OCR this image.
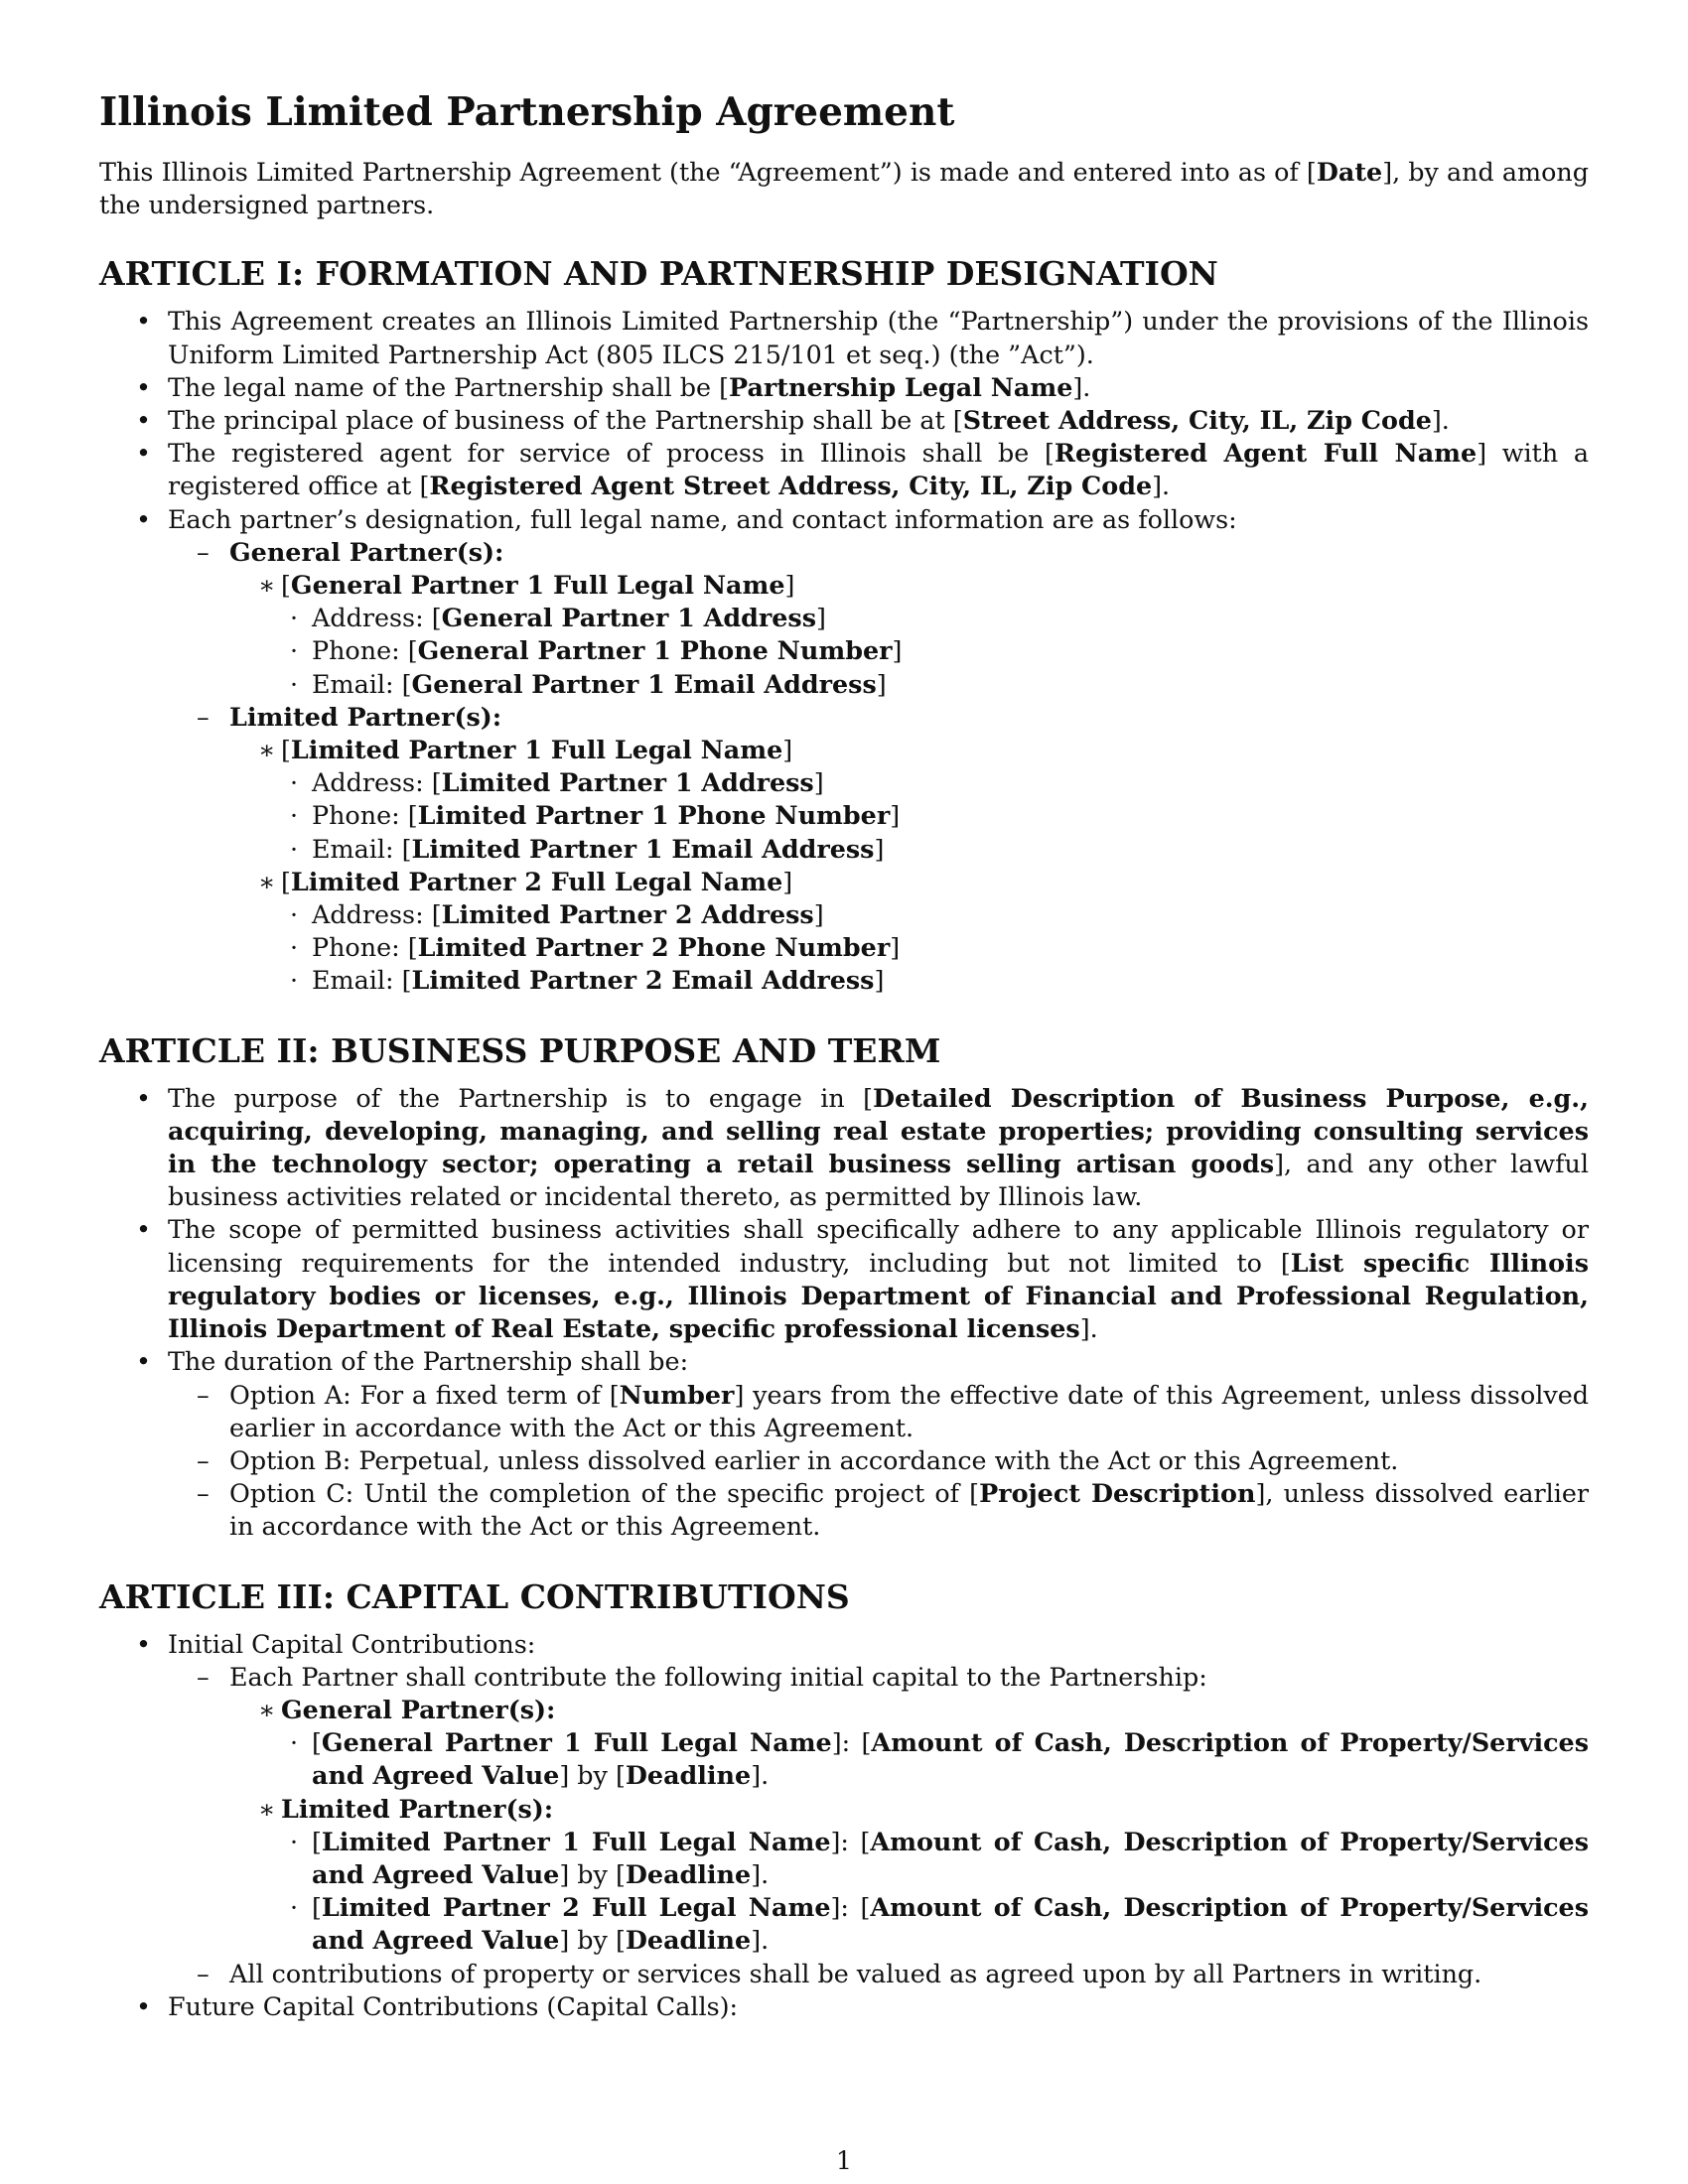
Illinois Limited Partnership Agreement

This Illinois Limited Partnership Agreement (the “Agreement”) is made and entered into as of [Date], by and among the undersigned partners.

ARTICLE I: FORMATION AND PARTNERSHIP DESIGNATION
• This Agreement creates an Illinois Limited Partnership (the “Partnership”) under the provisions of the Illinois Uniform Limited Partnership Act (805 ILCS 215/101 et seq.) (the ”Act”).
• The legal name of the Partnership shall be [Partnership Legal Name].
• The principal place of business of the Partnership shall be at [Street Address, City, IL, Zip Code].
• The registered agent for service of process in Illinois shall be [Registered Agent Full Name] with a registered office at [Registered Agent Street Address, City, IL, Zip Code].
• Each partner’s designation, full legal name, and contact information are as follows:
– General Partner(s):
∗ [General Partner 1 Full Legal Name]
· Address: [General Partner 1 Address]
· Phone: [General Partner 1 Phone Number]
· Email: [General Partner 1 Email Address]
– Limited Partner(s):
∗ [Limited Partner 1 Full Legal Name]
· Address: [Limited Partner 1 Address]
· Phone: [Limited Partner 1 Phone Number]
· Email: [Limited Partner 1 Email Address]
∗ [Limited Partner 2 Full Legal Name]
· Address: [Limited Partner 2 Address]
· Phone: [Limited Partner 2 Phone Number]
· Email: [Limited Partner 2 Email Address]
ARTICLE II: BUSINESS PURPOSE AND TERM
• The purpose of the Partnership is to engage in [Detailed Description of Business Purpose, e.g., acquiring, developing, managing, and selling real estate properties; providing consulting services in the technology sector; operating a retail business selling artisan goods], and any other lawful business activities related or incidental thereto, as permitted by Illinois law.
• The scope of permitted business activities shall specifically adhere to any applicable Illinois regulatory or licensing requirements for the intended industry, including but not limited to [List specific Illinois regulatory bodies or licenses, e.g., Illinois Department of Financial and Professional Regulation, Illinois Department of Real Estate, specific professional licenses].
• The duration of the Partnership shall be:
– Option A: For a fixed term of [Number] years from the effective date of this Agreement, unless dissolved earlier in accordance with the Act or this Agreement.
– Option B: Perpetual, unless dissolved earlier in accordance with the Act or this Agreement.
– Option C: Until the completion of the specific project of [Project Description], unless dissolved earlier in accordance with the Act or this Agreement.
ARTICLE III: CAPITAL CONTRIBUTIONS
• Initial Capital Contributions:
– Each Partner shall contribute the following initial capital to the Partnership:
∗ General Partner(s):
· [General Partner 1 Full Legal Name]: [Amount of Cash, Description of Property/Services and Agreed Value] by [Deadline].
∗ Limited Partner(s):
· [Limited Partner 1 Full Legal Name]: [Amount of Cash, Description of Property/Services and Agreed Value] by [Deadline].
· [Limited Partner 2 Full Legal Name]: [Amount of Cash, Description of Property/Services and Agreed Value] by [Deadline].
– All contributions of property or services shall be valued as agreed upon by all Partners in writing.
• Future Capital Contributions (Capital Calls):
1
